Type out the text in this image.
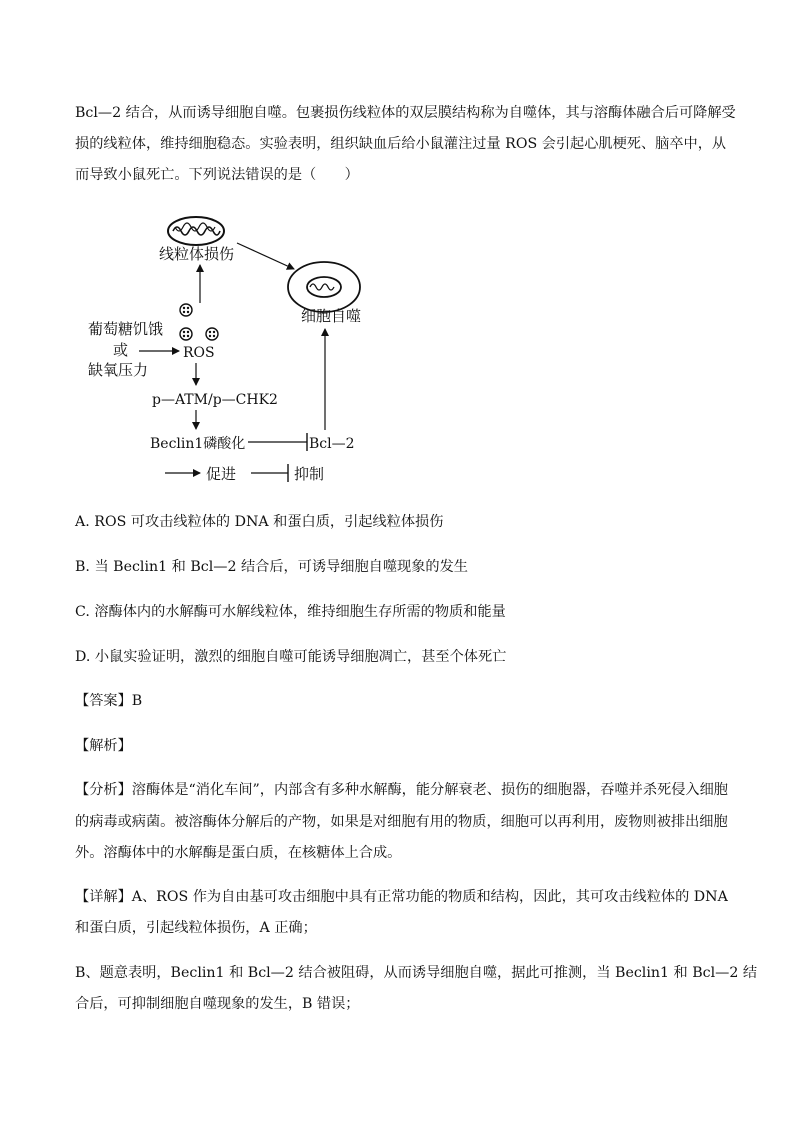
Bcl—2 结合，从而诱导细胞自噬。包裹损伤线粒体的双层膜结构称为自噬体，其与溶酶体融合后可降解受
损的线粒体，维持细胞稳态。实验表明，组织缺血后给小鼠灌注过量 ROS 会引起心肌梗死、脑卒中，从
而导致小鼠死亡。下列说法错误的是（　　）
线粒体损伤
细胞自噬
葡萄糖饥饿
或
缺氧压力
ROS
p—ATM/p—CHK2
Beclin1磷酸化	Bcl—2
促进	抑制
A. ROS 可攻击线粒体的 DNA 和蛋白质，引起线粒体损伤
B. 当 Beclin1 和 Bcl—2 结合后，可诱导细胞自噬现象的发生
C. 溶酶体内的水解酶可水解线粒体，维持细胞生存所需的物质和能量
D. 小鼠实验证明，激烈的细胞自噬可能诱导细胞凋亡，甚至个体死亡
【答案】B
【解析】
【分析】溶酶体是“消化车间”，内部含有多种水解酶，能分解衰老、损伤的细胞器，吞噬并杀死侵入细胞
的病毒或病菌。被溶酶体分解后的产物，如果是对细胞有用的物质，细胞可以再利用，废物则被排出细胞
外。溶酶体中的水解酶是蛋白质，在核糖体上合成。
【详解】A、ROS 作为自由基可攻击细胞中具有正常功能的物质和结构，因此，其可攻击线粒体的 DNA
和蛋白质，引起线粒体损伤，A 正确；
B、题意表明，Beclin1 和 Bcl—2 结合被阻碍，从而诱导细胞自噬，据此可推测，当 Beclin1 和 Bcl—2 结
合后，可抑制细胞自噬现象的发生，B 错误；
